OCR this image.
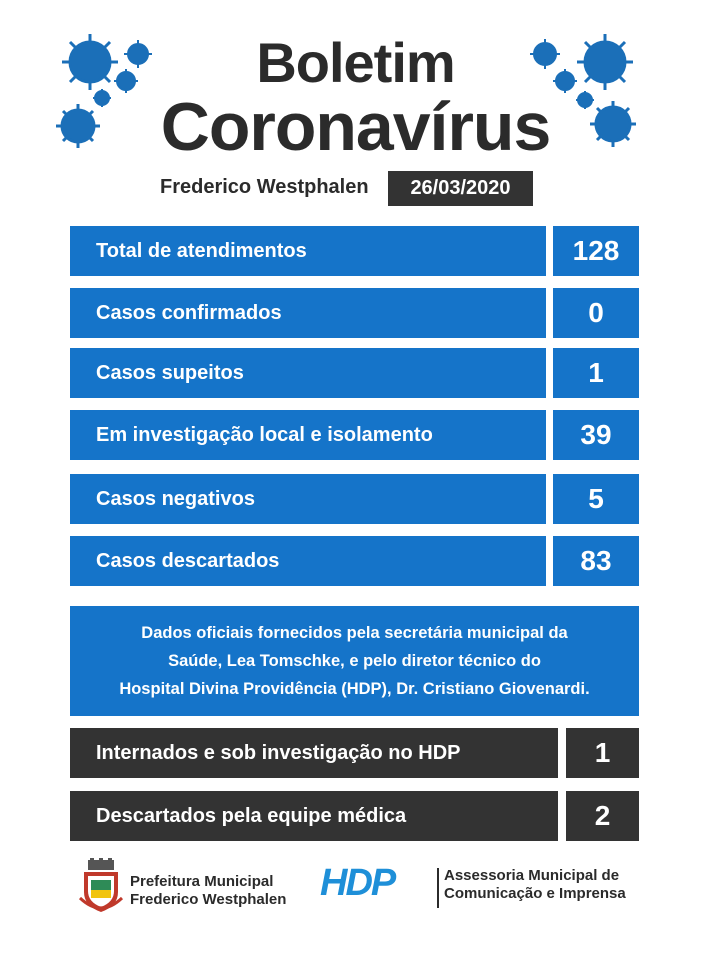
Boletim
Coronavírus
Frederico Westphalen	26/03/2020
Total de atendimentos	128
Casos confirmados	0
Casos supeitos	1
Em investigação local e isolamento	39
Casos negativos	5
Casos descartados	83
Dados oficiais fornecidos pela secretária municipal da
Saúde, Lea Tomschke, e pelo diretor técnico do
Hospital Divina Providência (HDP), Dr. Cristiano Giovenardi.
Internados e sob investigação no HDP	1
Descartados pela equipe médica	2
Prefeitura Municipal
Frederico Westphalen HDP	Assessoria Municipal de
Comunicação e Imprensa
